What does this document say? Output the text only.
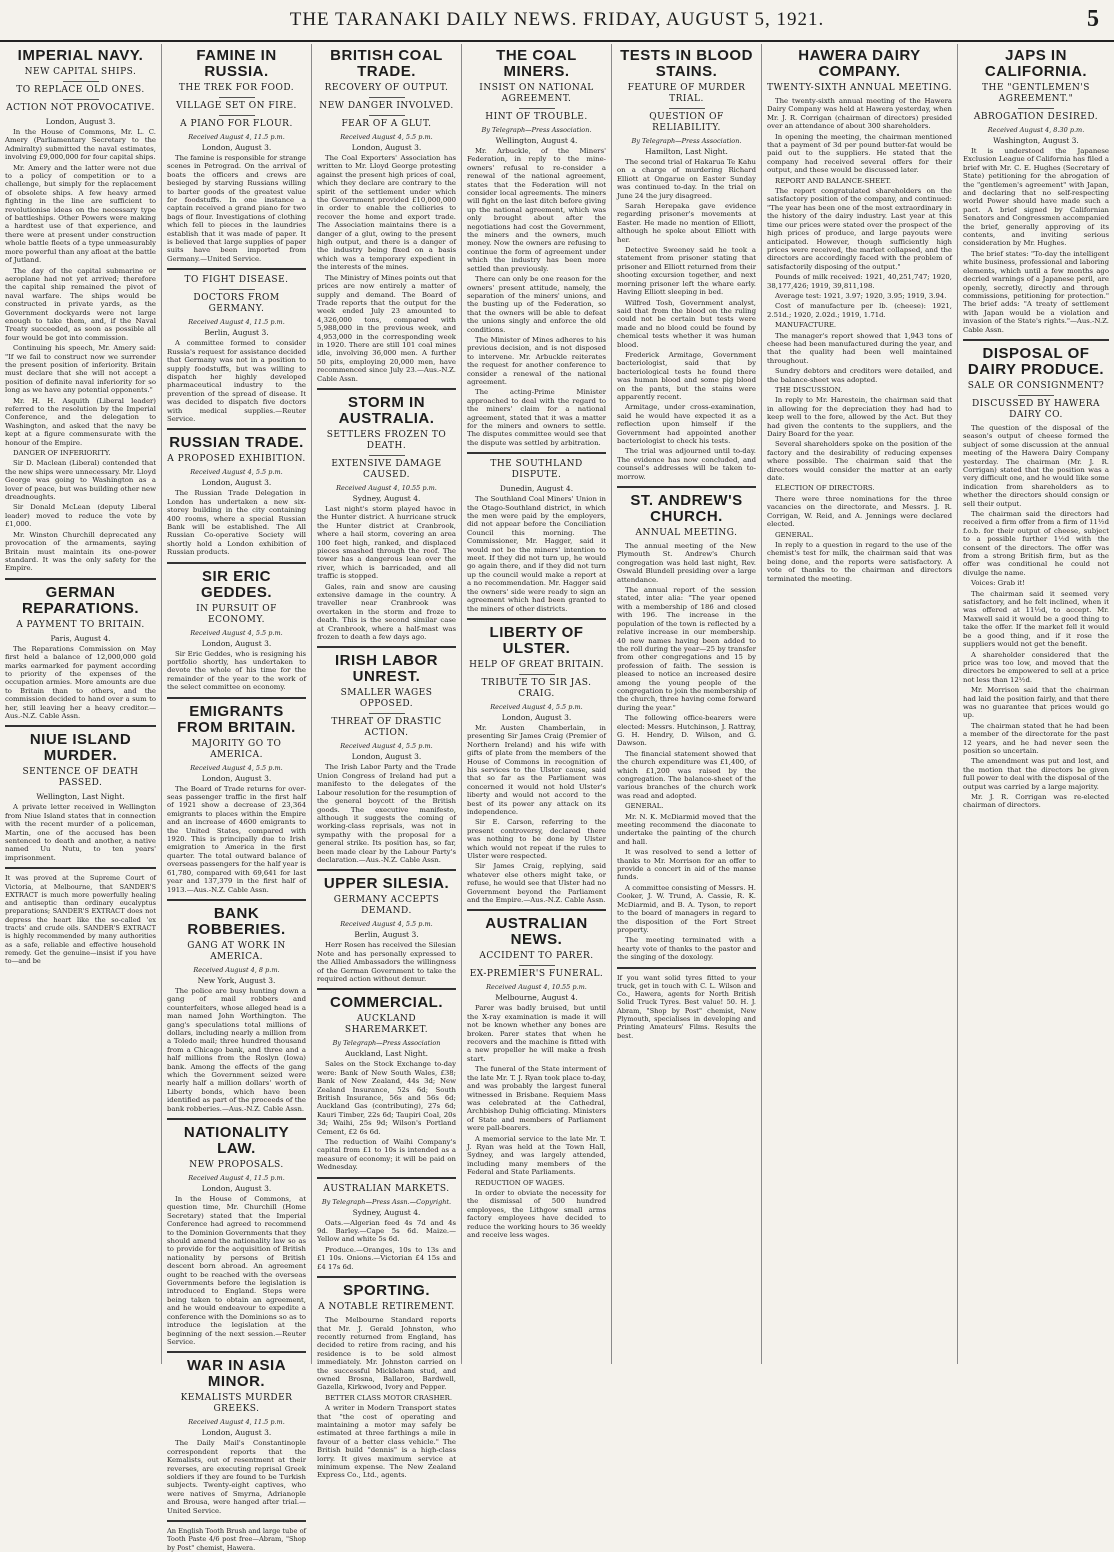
THE TARANAKI DAILY NEWS. FRIDAY, AUGUST 5, 1921.	5
IMPERIAL NAVY.
NEW CAPITAL SHIPS.
TO REPLACE OLD ONES.
ACTION NOT PROVOCATIVE.
London, August 3.

In the House of Commons, Mr. L. C. Amery (Parliamentary Secretary to the Admiralty) submitted the naval estimates, involving £9,000,000 for four capital ships.

Mr. Amery and the latter were not due to a policy of competition or to a challenge, but simply for the replacement of obsolete ships. A few heavy armed fighting in the line are sufficient to revolutionise ideas on the necessary type of battleships. Other Powers were making a hardtest use of that experience, and there were at present under construction whole battle fleets of a type unmeasurably more powerful than any afloat at the battle of Jutland.

The day of the capital submarine or aeroplane had not yet arrived; therefore the capital ship remained the pivot of naval warfare. The ships would be constructed in private yards, as the Government dockyards were not large enough to take them, and, if the Naval Treaty succeeded, as soon as possible all four would be got into commission.

Continuing his speech, Mr. Amery said: "If we fail to construct now we surrender the present position of inferiority. Britain must declare that she will not accept a position of definite naval inferiority for so long as we have any potential opponents."

Mr. H. H. Asquith (Liberal leader) referred to the resolution by the Imperial Conference, and the delegation to Washington, and asked that the navy be kept at a figure commensurate with the honour of the Empire.

DANGER OF INFERIORITY.

Sir D. Maclean (Liberal) contended that the new ships were unnecessary. Mr. Lloyd George was going to Washington as a lover of peace, but was building other new dreadnoughts.

Sir Donald McLean (deputy Liberal leader) moved to reduce the vote by £1,000.

Mr. Winston Churchill deprecated any provocation of the armaments, saying Britain must maintain its one-power standard. It was the only safety for the Empire.

GERMAN REPARATIONS.
A PAYMENT TO BRITAIN.
Paris, August 4.

The Reparations Commission on May first held a balance of 12,000,000 gold marks earmarked for payment according to priority of the expenses of the occupation armies. More amounts are due to Britain than to others, and the commission decided to hand over a sum to her, still leaving her a heavy creditor.—Aus.-N.Z. Cable Assn.

NIUE ISLAND MURDER.
SENTENCE OF DEATH PASSED.
Wellington, Last Night.

A private letter received in Wellington from Niue Island states that in connection with the recent murder of a policeman, Martin, one of the accused has been sentenced to death and another, a native named Uu Nutu, to ten years' imprisonment.

It was proved at the Supreme Court of Victoria, at Melbourne, that SANDER'S EXTRACT is much more powerfully healing and antiseptic than ordinary eucalyptus preparations; SANDER'S EXTRACT does not depress the heart like the so-called 'ex tracts' and crude oils. SANDER'S EXTRACT is highly recommended by many authorities as a safe, reliable and effective household remedy. Get the genuine—insist if you have to—and be
FAMINE IN RUSSIA.
THE TREK FOR FOOD.
VILLAGE SET ON FIRE.
A PIANO FOR FLOUR.
Received August 4, 11.5 p.m.
London, August 3.

The famine is responsible for strange scenes in Petrograd. On the arrival of boats the officers and crews are besieged by starving Russians willing to barter goods of the greatest value for foodstuffs. In one instance a captain received a grand piano for two bags of flour. Investigations of clothing which fell to pieces in the laundries establish that it was made of paper. It is believed that large supplies of paper suits have been imported from Germany.—United Service.

TO FIGHT DISEASE.
DOCTORS FROM GERMANY.
Received August 4, 11.5 p.m.
Berlin, August 3.

A committee formed to consider Russia's request for assistance decided that Germany was not in a position to supply foodstuffs, but was willing to dispatch her highly developed pharmaceutical industry to the prevention of the spread of disease. It was decided to dispatch five doctors with medical supplies.—Reuter Service.

RUSSIAN TRADE.
A PROPOSED EXHIBITION.
Received August 4, 5.5 p.m.
London, August 3.

The Russian Trade Delegation in London has undertaken a new six-storey building in the city containing 400 rooms, where a special Russian Bank will be established. The All Russian Co-operative Society will shortly hold a London exhibition of Russian products.

SIR ERIC GEDDES.
IN PURSUIT OF ECONOMY.
Received August 4, 5.5 p.m.
London, August 3.

Sir Eric Geddes, who is resigning his portfolio shortly, has undertaken to devote the whole of his time for the remainder of the year to the work of the select committee on economy.

EMIGRANTS FROM BRITAIN.
MAJORITY GO TO AMERICA.
Received August 4, 5.5 p.m.
London, August 3.

The Board of Trade returns for over-seas passenger traffic in the first half of 1921 show a decrease of 23,364 emigrants to places within the Empire and an increase of 4600 emigrants to the United States, compared with 1920. This is principally due to Irish emigration to America in the first quarter. The total outward balance of overseas passengers for the half year is 61,780, compared with 69,641 for last year and 137,379 in the first half of 1913.—Aus.-N.Z. Cable Assn.

BANK ROBBERIES.
GANG AT WORK IN AMERICA.
Received August 4, 8 p.m.
New York, August 3.

The police are busy hunting down a gang of mail robbers and counterfeiters, whose alleged head is a man named John Worthington. The gang's speculations total millions of dollars, including nearly a million from a Toledo mail; three hundred thousand from a Chicago bank, and three and a half millions from the Roslyn (Iowa) bank. Among the effects of the gang which the Government seized were nearly half a million dollars' worth of Liberty bonds, which have been identified as part of the proceeds of the bank robberies.—Aus.-N.Z. Cable Assn.

NATIONALITY LAW.
NEW PROPOSALS.
Received August 4, 11.5 p.m.
London, August 3.

In the House of Commons, at question time, Mr. Churchill (Home Secretary) stated that the Imperial Conference had agreed to recommend to the Dominion Governments that they should amend the nationality law so as to provide for the acquisition of British nationality by persons of British descent born abroad. An agreement ought to be reached with the overseas Governments before the legislation is introduced to England. Steps were being taken to obtain an agreement, and he would endeavour to expedite a conference with the Dominions so as to introduce the legislation at the beginning of the next session.—Reuter Service.

WAR IN ASIA MINOR.
KEMALISTS MURDER GREEKS.
Received August 4, 11.5 p.m.
London, August 3.

The Daily Mail's Constantinople correspondent reports that the Kemalists, out of resentment at their reverses, are executing reprisal Greek soldiers if they are found to be Turkish subjects. Twenty-eight captives, who were natives of Smyrna, Adrianople and Brousa, were hanged after trial.—United Service.

An English Tooth Brush and large tube of Tooth Paste 4/6 post free—Abram, "Shop by Post" chemist, Hawera.
BRITISH COAL TRADE.
RECOVERY OF OUTPUT.
NEW DANGER INVOLVED.
FEAR OF A GLUT.
Received August 4, 5.5 p.m.
London, August 3.

The Coal Exporters' Association has written to Mr. Lloyd George protesting against the present high prices of coal, which they declare are contrary to the spirit of the settlement under which the Government provided £10,000,000 in order to enable the collieries to recover the home and export trade. The Association maintains there is a danger of a glut, owing to the present high output, and there is a danger of the industry being fixed on a basis which was a temporary expedient in the interests of the mines.

The Ministry of Mines points out that prices are now entirely a matter of supply and demand. The Board of Trade reports that the output for the week ended July 23 amounted to 4,326,000 tons, compared with 5,988,000 in the previous week, and 4,953,000 in the corresponding week in 1920. There are still 101 coal mines idle, involving 36,000 men. A further 50 pits, employing 20,000 men, have recommenced since July 23.—Aus.-N.Z. Cable Assn.

STORM IN AUSTRALIA.
SETTLERS FROZEN TO DEATH.
EXTENSIVE DAMAGE CAUSED.
Received August 4, 10.55 p.m.
Sydney, August 4.

Last night's storm played havoc in the Hunter district. A hurricane struck the Hunter district at Cranbrook, where a hail storm, covering an area 100 feet high, ranked, and displaced pieces smashed through the roof. The tower has a dangerous lean over the river, which is barricaded, and all traffic is stopped.

Gales, rain and snow are causing extensive damage in the country. A traveller near Cranbrook was overtaken in the storm and froze to death. This is the second similar case at Cranbrook, where a half-mast was frozen to death a few days ago.

IRISH LABOR UNREST.
SMALLER WAGES OPPOSED.
THREAT OF DRASTIC ACTION.
Received August 4, 5.5 p.m.
London, August 3.

The Irish Labor Party and the Trade Union Congress of Ireland had put a manifesto to the delegates of the Labour resolution for the resumption of the general boycott of the British goods. The executive manifesto, although it suggests the coming of working-class reprisals, was not in sympathy with the proposal for a general strike. Its position has, so far, been made clear by the Labour Party's declaration.—Aus.-N.Z. Cable Assn.

UPPER SILESIA.
GERMANY ACCEPTS DEMAND.
Received August 4, 5.5 p.m.
Berlin, August 3.

Herr Rosen has received the Silesian Note and has personally expressed to the Allied Ambassadors the willingness of the German Government to take the required action without demur.

COMMERCIAL.
AUCKLAND SHAREMARKET.
By Telegraph—Press Association
Auckland, Last Night.

Sales on the Stock Exchange to-day were: Bank of New South Wales, £38; Bank of New Zealand, 44s 3d; New Zealand Insurance, 52s 6d; South British Insurance, 56s and 56s 6d; Auckland Gas (contributing), 27s 6d; Kauri Timber, 22s 6d; Taupiri Coal, 20s 3d; Waihi, 25s 9d; Wilson's Portland Cement, £2 6s 6d.

The reduction of Waihi Company's capital from £1 to 10s is intended as a measure of economy; it will be paid on Wednesday.

AUSTRALIAN MARKETS.
By Telegraph—Press Assn.—Copyright.
Sydney, August 4.

Oats.—Algerian feed 4s 7d and 4s 9d. Barley.—Cape 5s 6d. Maize.—Yellow and white 5s 6d.

Produce.—Oranges, 10s to 13s and £1 10s. Onions.—Victorian £4 15s and £4 17s 6d.

SPORTING.
A NOTABLE RETIREMENT.

The Melbourne Standard reports that Mr. J. Gerald Johnston, who recently returned from England, has decided to retire from racing, and his residence is to be sold almost immediately. Mr. Johnston carried on the successful Mickleham stud, and owned Brosna, Ballaroo, Bardwell, Gazella, Kirkwood, Ivory and Pepper.

BETTER CLASS MOTOR CRASHER.

A writer in Modern Transport states that "the cost of operating and maintaining a motor may safely be estimated at three farthings a mile in favour of a better class vehicle." The British build "dennis" is a high-class lorry. It gives maximum service at minimum expense. The New Zealand Express Co., Ltd., agents.

THE COAL MINERS.
INSIST ON NATIONAL AGREEMENT.
HINT OF TROUBLE.
By Telegraph—Press Association.
Wellington, August 4.

Mr. Arbuckle, of the Miners' Federation, in reply to the mine-owners' refusal to re-consider a renewal of the national agreement, states that the Federation will not consider local agreements. The miners will fight on the last ditch before giving up the national agreement, which was only brought about after the negotiations had cost the Government, the miners and the owners, much money. Now the owners are refusing to continue the form of agreement under which the industry has been more settled than previously.

There can only be one reason for the owners' present attitude, namely, the separation of the miners' unions, and the busting up of the Federation, so that the owners will be able to defeat the unions singly and enforce the old conditions.

The Minister of Mines adheres to his previous decision, and is not disposed to intervene. Mr. Arbuckle reiterates the request for another conference to consider a renewal of the national agreement.

The acting-Prime Minister approached to deal with the regard to the miners' claim for a national agreement, stated that it was a matter for the miners and owners to settle. The disputes committee would see that the dispute was settled by arbitration.

THE SOUTHLAND DISPUTE.
Dunedin, August 4.

The Southland Coal Miners' Union in the Otago-Southland district, in which the men were paid by the employers, did not appear before the Conciliation Council this morning. The Commissioner, Mr. Hagger, said it would not be the miners' intention to meet. If they did not turn up, he would go again there, and if they did not turn up the council would make a report at a no recommendation. Mr. Hagger said the owners' side were ready to sign an agreement which had been granted to the miners of other districts.

LIBERTY OF ULSTER.
HELP OF GREAT BRITAIN.
TRIBUTE TO SIR JAS. CRAIG.
Received August 4, 5.5 p.m.
London, August 3.

Mr. Austen Chamberlain, in presenting Sir James Craig (Premier of Northern Ireland) and his wife with gifts of plate from the members of the House of Commons in recognition of his services to the Ulster cause, said that so far as the Parliament was concerned it would not hold Ulster's liberty and would not accord to the best of its power any attack on its independence.

Sir E. Carson, referring to the present controversy, declared there was nothing to be done by Ulster which would not repeat if the rules to Ulster were respected.

Sir James Craig, replying, said whatever else others might take, or refuse, he would see that Ulster had no Government beyond the Parliament and the Empire.—Aus.-N.Z. Cable Assn.

AUSTRALIAN NEWS.
ACCIDENT TO PARER.
EX-PREMIER'S FUNERAL.
Received August 4, 10.55 p.m.
Melbourne, August 4.

Parer was badly bruised, but until the X-ray examination is made it will not be known whether any bones are broken. Parer states that when he recovers and the machine is fitted with a new propeller he will make a fresh start.

The funeral of the State interment of the late Mr. T. J. Ryan took place to-day, and was probably the largest funeral witnessed in Brisbane. Requiem Mass was celebrated at the Cathedral, Archbishop Duhig officiating. Ministers of State and members of Parliament were pall-bearers.

A memorial service to the late Mr. T. J. Ryan was held at the Town Hall, Sydney, and was largely attended, including many members of the Federal and State Parliaments.

REDUCTION OF WAGES.

In order to obviate the necessity for the dismissal of 500 hundred employees, the Lithgow small arms factory employees have decided to reduce the working hours to 36 weekly and receive less wages.

TESTS IN BLOOD STAINS.
FEATURE OF MURDER TRIAL.
QUESTION OF RELIABILITY.
By Telegraph—Press Association.
Hamilton, Last Night.

The second trial of Hakarua Te Kahu on a charge of murdering Richard Elliott at Ongarue on Easter Sunday was continued to-day. In the trial on June 24 the jury disagreed.

Sarah Herepaka gave evidence regarding prisoner's movements at Easter. He made no mention of Elliott, although he spoke about Elliott with her.

Detective Sweeney said he took a statement from prisoner stating that prisoner and Elliott returned from their shooting excursion together, and next morning prisoner left the whare early. Having Elliott sleeping in bed.

Wilfred Tosh, Government analyst, said that from the blood on the ruling could not be certain but tests were made and no blood could be found by chemical tests whether it was human blood.

Frederick Armitage, Government bacteriologist, said that by bacteriological tests he found there was human blood and some pig blood on the pants, but the stains were apparently recent.

Armitage, under cross-examination, said he would have expected it as a reflection upon himself if the Government had appointed another bacteriologist to check his tests.

The trial was adjourned until to-day. The evidence has now concluded, and counsel's addresses will be taken to-morrow.

ST. ANDREW'S CHURCH.
ANNUAL MEETING.

The annual meeting of the New Plymouth St. Andrew's Church congregation was held last night, Rev. Oswald Blundell presiding over a large attendance.

The annual report of the session stated, inter alia: "The year opened with a membership of 186 and closed with 196. The increase in the population of the town is reflected by a relative increase in our membership. 40 new names having been added to the roll during the year—25 by transfer from other congregations and 15 by profession of faith. The session is pleased to notice an increased desire among the young people of the congregation to join the membership of the church, three having come forward during the year."

The following office-bearers were elected: Messrs. Hutchinson, J. Rattray, G. H. Hendry, D. Wilson, and G. Dawson.

The financial statement showed that the church expenditure was £1,400, of which £1,200 was raised by the congregation. The balance-sheet of the various branches of the church work was read and adopted.

GENERAL.

Mr. N. K. McDiarmid moved that the meeting recommend the diaconate to undertake the painting of the church and hall.

It was resolved to send a letter of thanks to Mr. Morrison for an offer to provide a concert in aid of the manse funds.

A committee consisting of Messrs. H. Cooker, J. W. Trund, A. Cassie, R. K. McDiarmid, and B. A. Tyson, to report to the board of managers in regard to the disposition of the Fort Street property.

The meeting terminated with a hearty vote of thanks to the pastor and the singing of the doxology.

If you want solid tyres fitted to your truck, get in touch with C. L. Wilson and Co., Hawera, agents for North British Solid Truck Tyres. Best value! 50. H. J. Abram, "Shop by Post" chemist, New Plymouth, specialises in developing and Printing Amateurs' Films. Results the best.
HAWERA DAIRY COMPANY.
TWENTY-SIXTH ANNUAL MEETING.

The twenty-sixth annual meeting of the Hawera Dairy Company was held at Hawera yesterday, when Mr. J. R. Corrigan (chairman of directors) presided over an attendance of about 300 shareholders.

In opening the meeting, the chairman mentioned that a payment of 3d per pound butter-fat would be paid out to the suppliers. He stated that the company had received several offers for their output, and these would be discussed later.

REPORT AND BALANCE-SHEET.

The report congratulated shareholders on the satisfactory position of the company, and continued: "The year has been one of the most extraordinary in the history of the dairy industry. Last year at this time our prices were stated over the prospect of the high prices of produce, and large payouts were anticipated. However, though sufficiently high prices were received, the market collapsed, and the directors are accordingly faced with the problem of satisfactorily disposing of the output."

Pounds of milk received: 1921, 40,251,747; 1920, 38,177,426; 1919, 39,811,198.

Average test: 1921, 3.97; 1920, 3.95; 1919, 3.94.

Cost of manufacture per lb. (cheese): 1921, 2.51d.; 1920, 2.02d.; 1919, 1.71d.

MANUFACTURE.

The manager's report showed that 1,943 tons of cheese had been manufactured during the year, and that the quality had been well maintained throughout.

Sundry debtors and creditors were detailed, and the balance-sheet was adopted.

THE DISCUSSION.

In reply to Mr. Harestein, the chairman said that in allowing for the depreciation they had had to keep well to the fore, allowed by the Act. But they had given the contents to the suppliers, and the Dairy Board for the year.

Several shareholders spoke on the position of the factory and the desirability of reducing expenses where possible. The chairman said that the directors would consider the matter at an early date.

ELECTION OF DIRECTORS.

There were three nominations for the three vacancies on the directorate, and Messrs. J. R. Corrigan, W. Reid, and A. Jennings were declared elected.

GENERAL.

In reply to a question in regard to the use of the chemist's test for milk, the chairman said that was being done, and the reports were satisfactory. A vote of thanks to the chairman and directors terminated the meeting.

JAPS IN CALIFORNIA.
THE "GENTLEMEN'S AGREEMENT."
ABROGATION DESIRED.
Received August 4, 8.30 p.m.
Washington, August 3.

It is understood the Japanese Exclusion League of California has filed a brief with Mr. C. E. Hughes (Secretary of State) petitioning for the abrogation of the "gentlemen's agreement" with Japan, and declaring that no self-respecting world Power should have made such a pact. A brief signed by Californian Senators and Congressmen accompanied the brief, generally approving of its contents, and inviting serious consideration by Mr. Hughes.

The brief states: "To-day the intelligent white business, professional and laboring elements, which until a few months ago decried warnings of a Japanese peril, are openly, secretly, directly and through commissions, petitioning for protection." The brief adds: "A treaty of settlement with Japan would be a violation and invasion of the State's rights."—Aus.-N.Z. Cable Assn.

DISPOSAL OF DAIRY PRODUCE.
SALE OR CONSIGNMENT?
DISCUSSED BY HAWERA DAIRY CO.

The question of the disposal of the season's output of cheese formed the subject of some discussion at the annual meeting of the Hawera Dairy Company yesterday. The chairman (Mr. J. R. Corrigan) stated that the position was a very difficult one, and he would like some indication from shareholders as to whether the directors should consign or sell their output.

The chairman said the directors had received a firm offer from a firm of 11½d f.o.b. for their output of cheese, subject to a possible further 1½d with the consent of the directors. The offer was from a strong British firm, but as the offer was conditional he could not divulge the name.

Voices: Grab it!

The chairman said it seemed very satisfactory, and he felt inclined, when it was offered at 11½d, to accept. Mr. Maxwell said it would be a good thing to take the offer. If the market fell it would be a good thing, and if it rose the suppliers would not get the benefit.

A shareholder considered that the price was too low, and moved that the directors be empowered to sell at a price not less than 12½d.

Mr. Morrison said that the chairman had laid the position fairly, and that there was no guarantee that prices would go up.

The chairman stated that he had been a member of the directorate for the past 12 years, and he had never seen the position so uncertain.

The amendment was put and lost, and the motion that the directors be given full power to deal with the disposal of the output was carried by a large majority.

Mr. J. R. Corrigan was re-elected chairman of directors.
